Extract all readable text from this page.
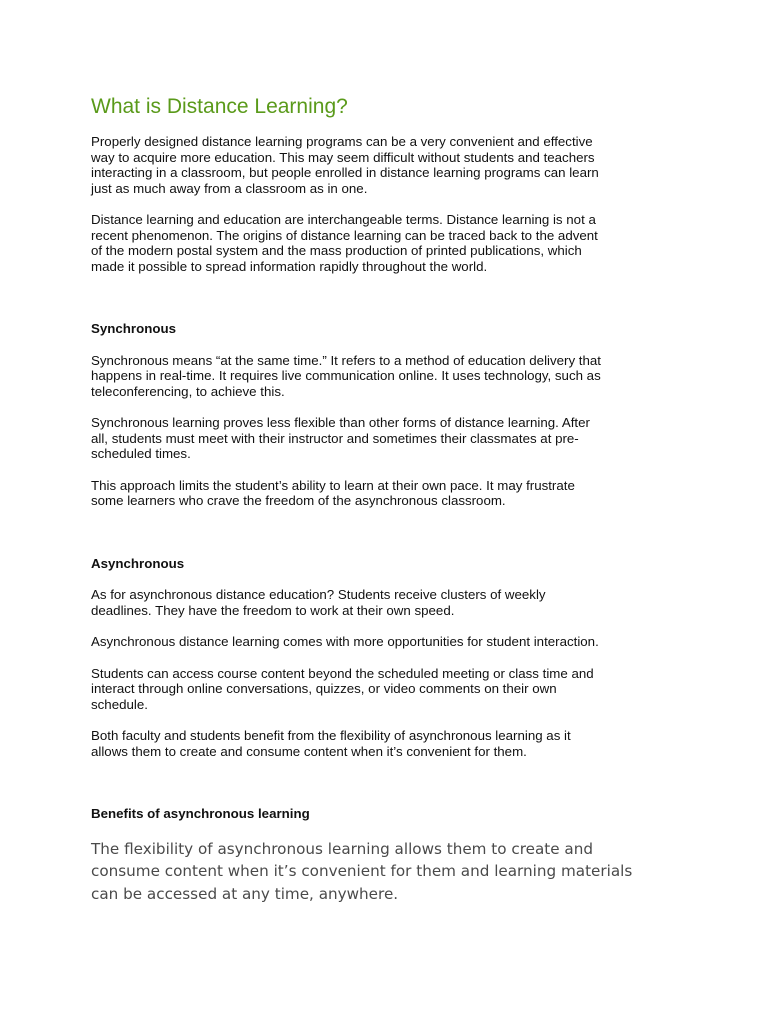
What is Distance Learning?

Properly designed distance learning programs can be a very convenient and effective
way to acquire more education. This may seem difficult without students and teachers
interacting in a classroom, but people enrolled in distance learning programs can learn
just as much away from a classroom as in one.

Distance learning and education are interchangeable terms. Distance learning is not a
recent phenomenon. The origins of distance learning can be traced back to the advent
of the modern postal system and the mass production of printed publications, which
made it possible to spread information rapidly throughout the world.

Synchronous

Synchronous means “at the same time.” It refers to a method of education delivery that
happens in real-time. It requires live communication online. It uses technology, such as
teleconferencing, to achieve this.

Synchronous learning proves less flexible than other forms of distance learning. After
all, students must meet with their instructor and sometimes their classmates at pre-
scheduled times.

This approach limits the student’s ability to learn at their own pace. It may frustrate
some learners who crave the freedom of the asynchronous classroom.

Asynchronous

As for asynchronous distance education? Students receive clusters of weekly
deadlines. They have the freedom to work at their own speed.

Asynchronous distance learning comes with more opportunities for student interaction.

Students can access course content beyond the scheduled meeting or class time and
interact through online conversations, quizzes, or video comments on their own
schedule.

Both faculty and students benefit from the flexibility of asynchronous learning as it
allows them to create and consume content when it’s convenient for them.

Benefits of asynchronous learning

The flexibility of asynchronous learning allows them to create and
consume content when it’s convenient for them and learning materials
can be accessed at any time, anywhere.
